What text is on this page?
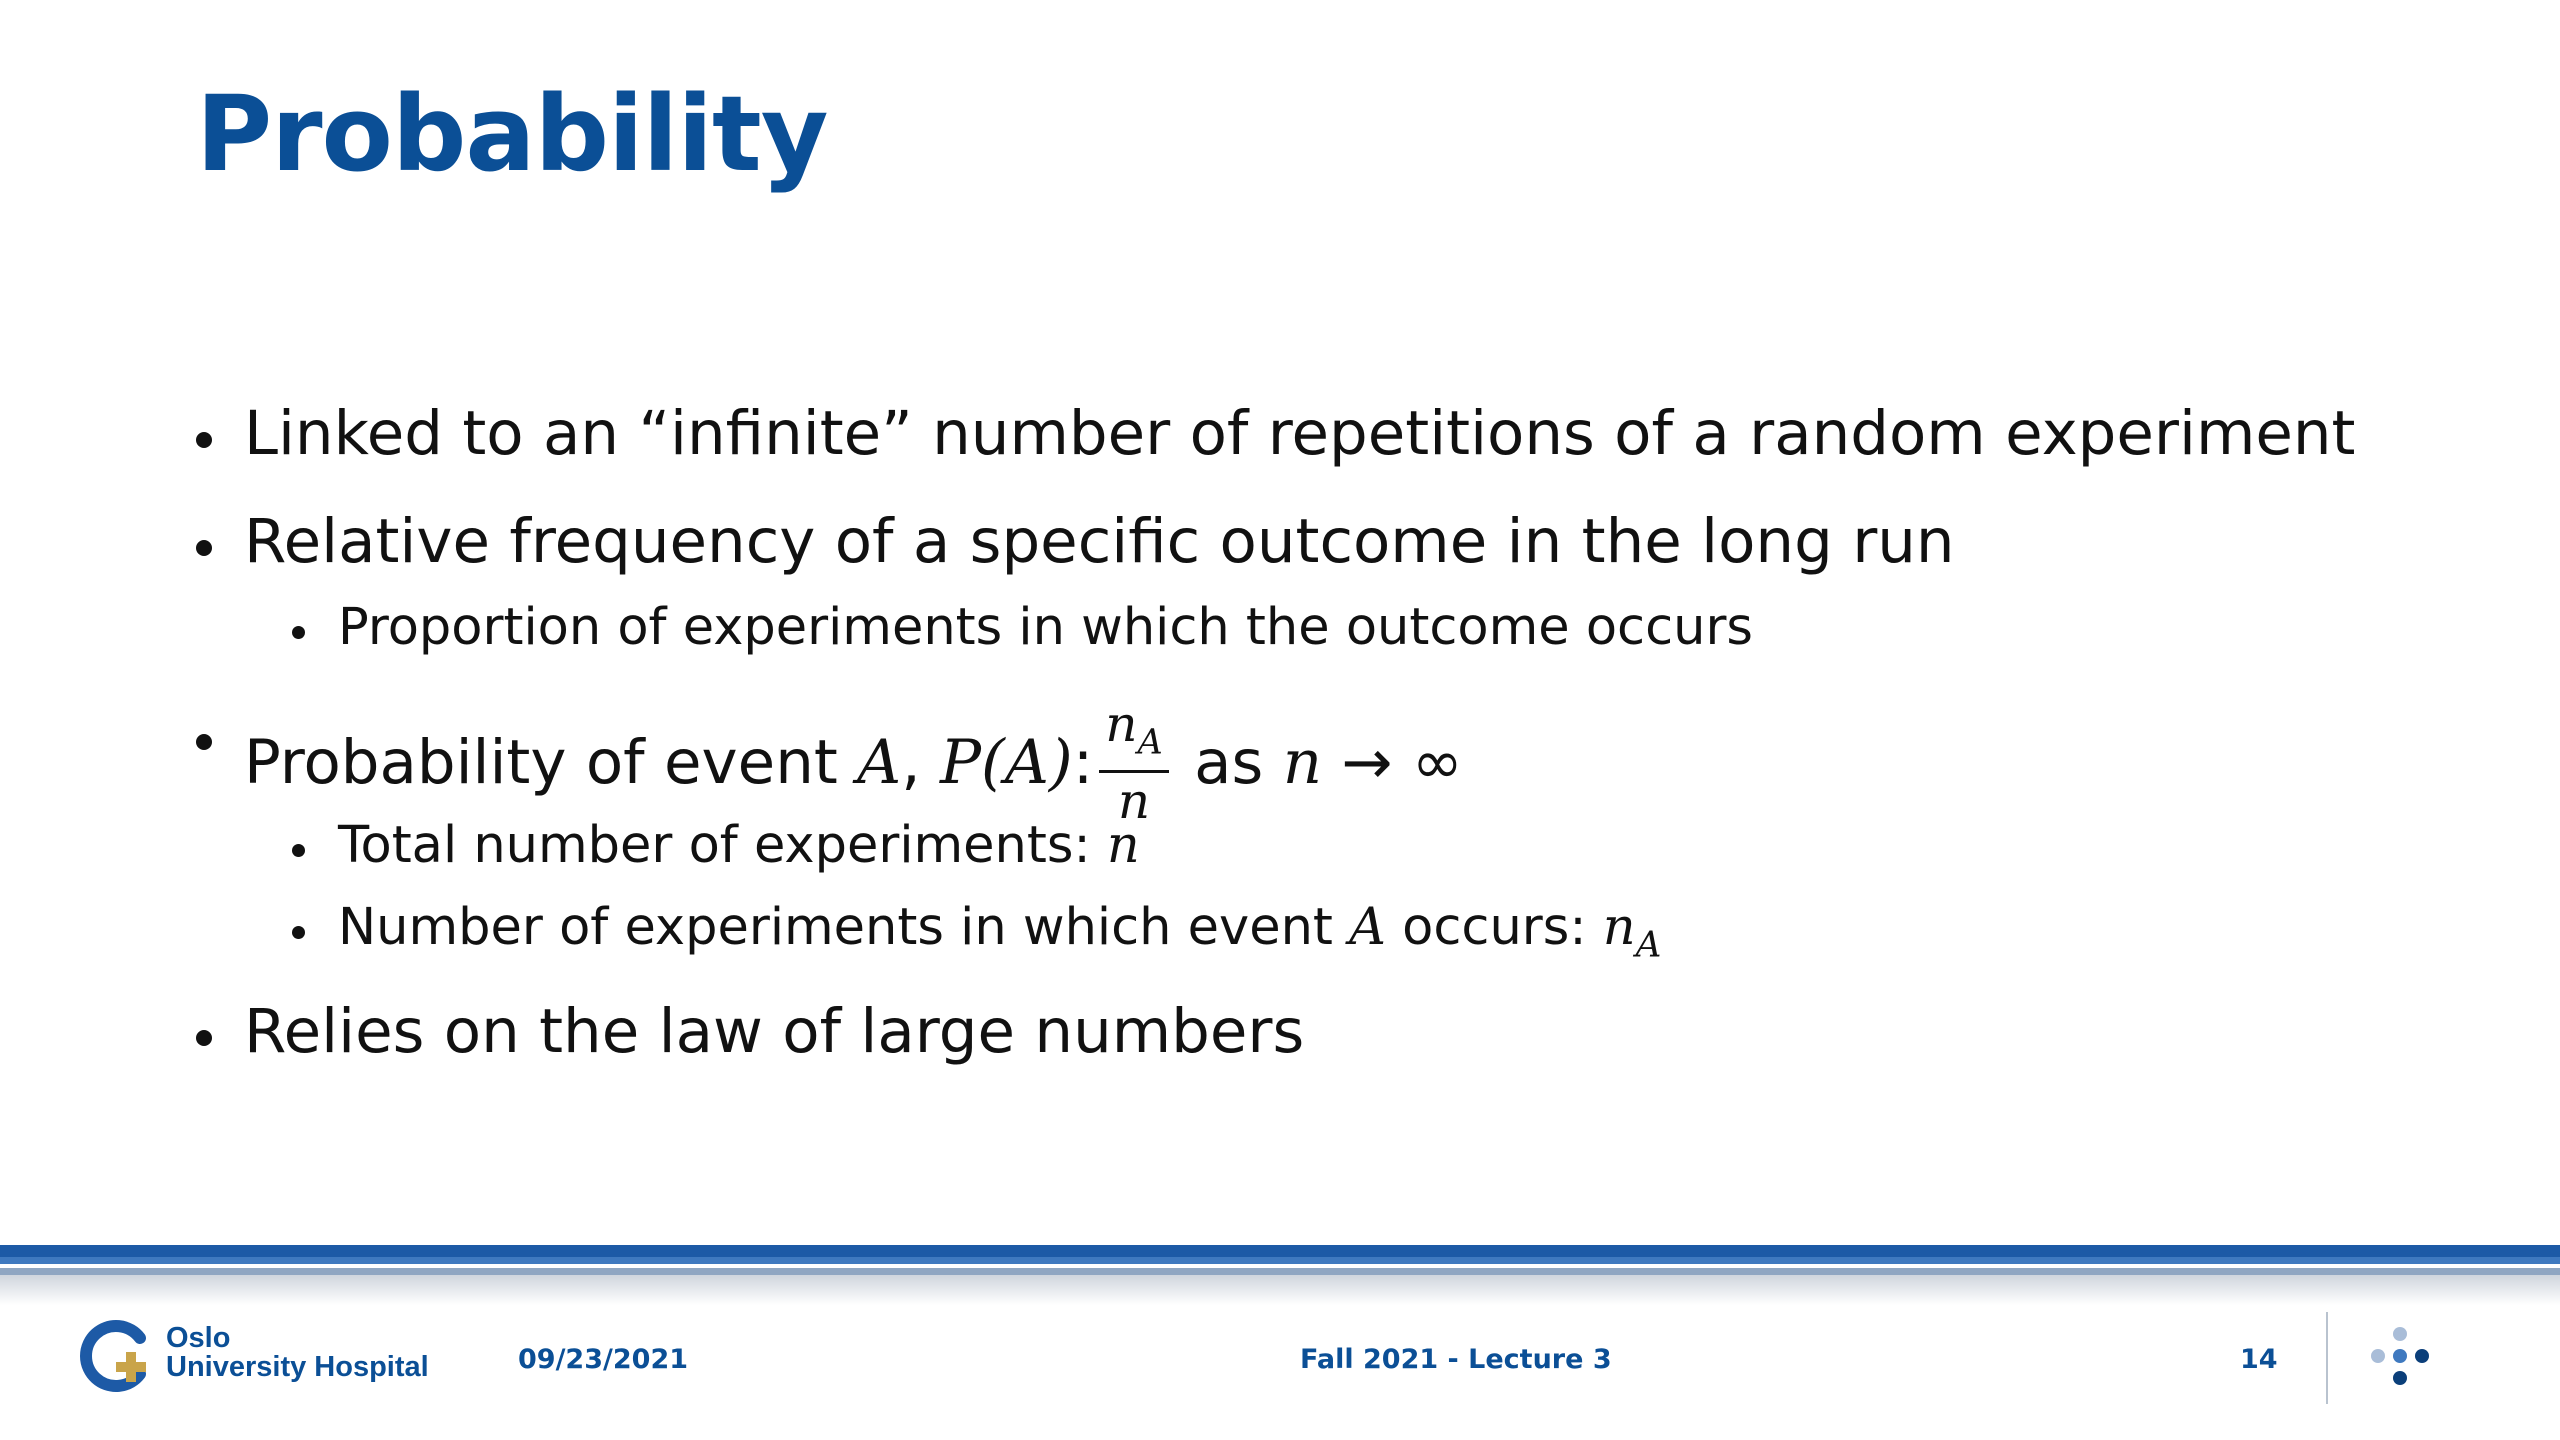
Probability
Linked to an “infinite” number of repetitions of a random experiment
Relative frequency of a specific outcome in the long run
Proportion of experiments in which the outcome occurs
Probability of event A, P(A): $\frac{n_A}{n}$ as n → ∞
Total number of experiments: n
Number of experiments in which event A occurs: $n_A$
Relies on the law of large numbers
Oslo
University Hospital	09/23/2021	Fall 2021 - Lecture 3	14
